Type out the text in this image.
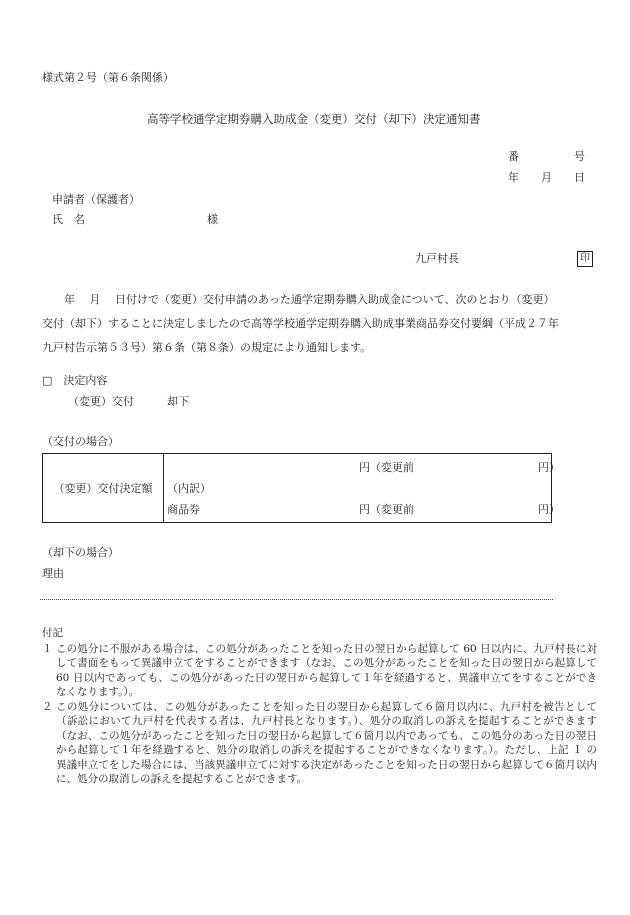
様式第２号（第６条関係）
高等学校通学定期券購入助成金（変更）交付（却下）決定通知書
番　　　　　号
年　　月　　日
申請者（保護者）
氏　名	様
九戸村長	印

　　年　 月　 日付けで（変更）交付申請のあった通学定期券購入助成金について、次のとおり（変更）

交付（却下）することに決定しましたので高等学校通学定期券購入助成事業商品券交付要綱（平成２７年

九戸村告示第５３号）第６条（第８条）の規定により通知します。

□　決定内容
（変更）交付　　　却下
（交付の場合）
（変更）交付決定額	
円（変更前	円）
（内訳）
商品券	円（変更前	円）
（却下の場合）
理由
付記
１ この処分に不服がある場合は、この処分があったことを知った日の翌日から起算して 60 日以内に、九戸村長に対して書面をもって異議申立てをすることができます（なお、この処分があったことを知った日の翌日から起算して 60 日以内であっても、この処分があった日の翌日から起算して１年を経過すると、異議申立てをすることができなくなります。）。
２ この処分については、この処分があったことを知った日の翌日から起算して６箇月以内に、九戸村を被告として（訴訟において九戸村を代表する者は、九戸村長となります。）、処分の取消しの訴えを提起することができます（なお、この処分があったことを知った日の翌日から起算して６箇月以内であっても、この処分のあった日の翌日から起算して１年を経過すると、処分の取消しの訴えを提起することができなくなります。）。ただし、上記 １ の異議申立てをした場合には、当該異議申立てに対する決定があったことを知った日の翌日から起算して６箇月以内に、処分の取消しの訴えを提起することができます。
